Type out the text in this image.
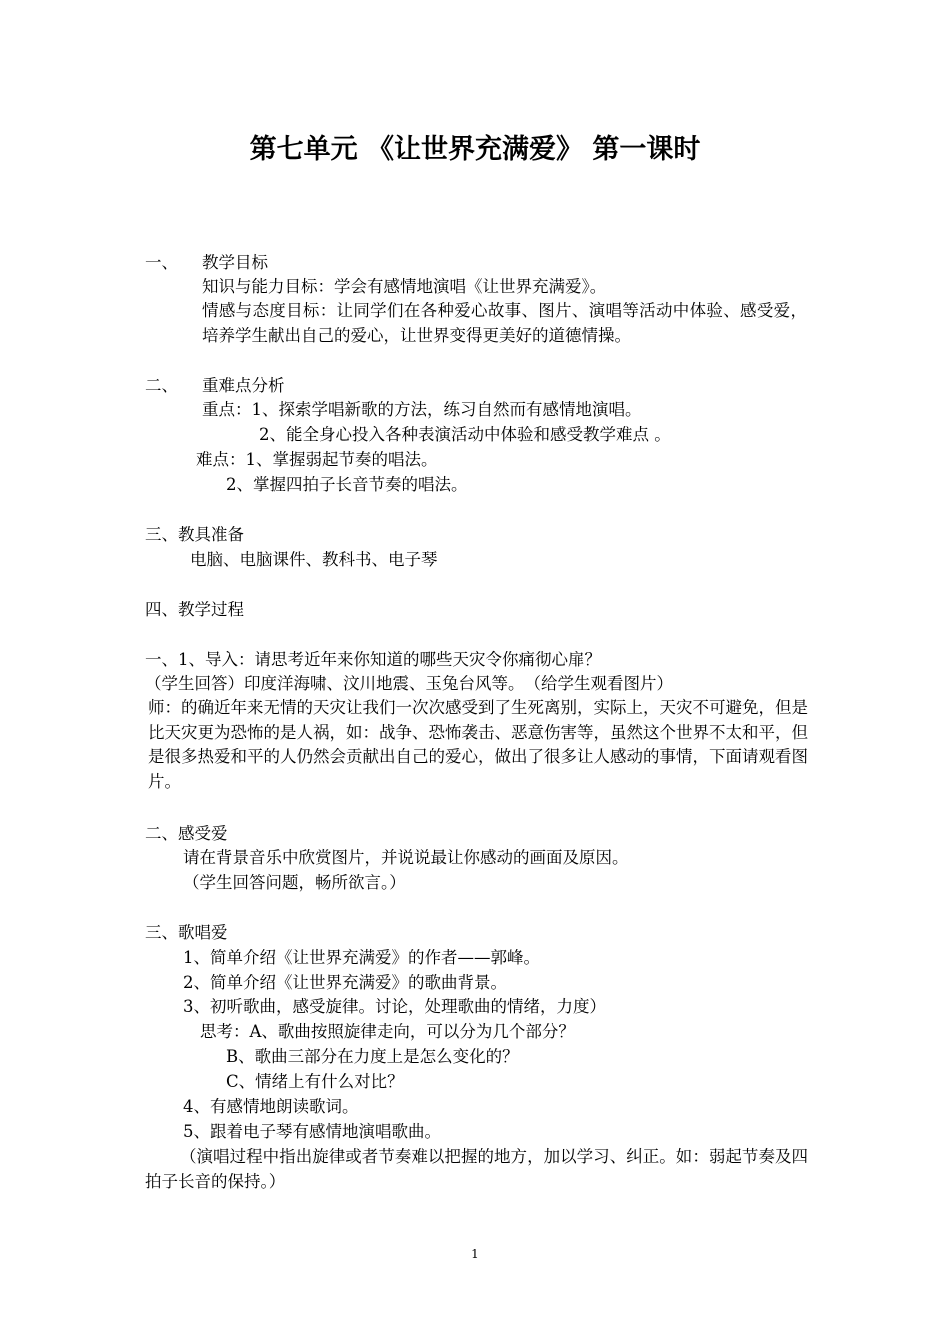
第七单元 《让世界充满爱》 第一课时
一、 教学目标
知识与能力目标：学会有感情地演唱《让世界充满爱》。
情感与态度目标：让同学们在各种爱心故事、图片、演唱等活动中体验、感受爱，培养学生献出自己的爱心，让世界变得更美好的道德情操。
二、 重难点分析
重点：1、探索学唱新歌的方法，练习自然而有感情地演唱。
2、能全身心投入各种表演活动中体验和感受教学难点 。
难点：1、掌握弱起节奏的唱法。
2、掌握四拍子长音节奏的唱法。
三、教具准备
电脑、电脑课件、教科书、电子琴
四、教学过程
一、1、导入：请思考近年来你知道的哪些天灾令你痛彻心扉？
（学生回答）印度洋海啸、汶川地震、玉兔台风等。　（给学生观看图片）
师：的确近年来无情的天灾让我们一次次感受到了生死离别，实际上，天灾不可避免，但是比天灾更为恐怖的是人祸，如：战争、恐怖袭击、恶意伤害等，虽然这个世界不太和平，但是很多热爱和平的人仍然会贡献出自己的爱心，做出了很多让人感动的事情，下面请观看图片。
二、感受爱
请在背景音乐中欣赏图片，并说说最让你感动的画面及原因。
（学生回答问题，畅所欲言。）
三、歌唱爱
1、简单介绍《让世界充满爱》的作者——郭峰。
2、简单介绍《让世界充满爱》的歌曲背景。
3、初听歌曲，感受旋律。讨论，处理歌曲的情绪，力度）
思考：A、歌曲按照旋律走向，可以分为几个部分？
B、歌曲三部分在力度上是怎么变化的？
C、情绪上有什么对比？
4、有感情地朗读歌词。
5、跟着电子琴有感情地演唱歌曲。
（演唱过程中指出旋律或者节奏难以把握的地方，加以学习、纠正。如：弱起节奏及四拍子长音的保持。）
1
